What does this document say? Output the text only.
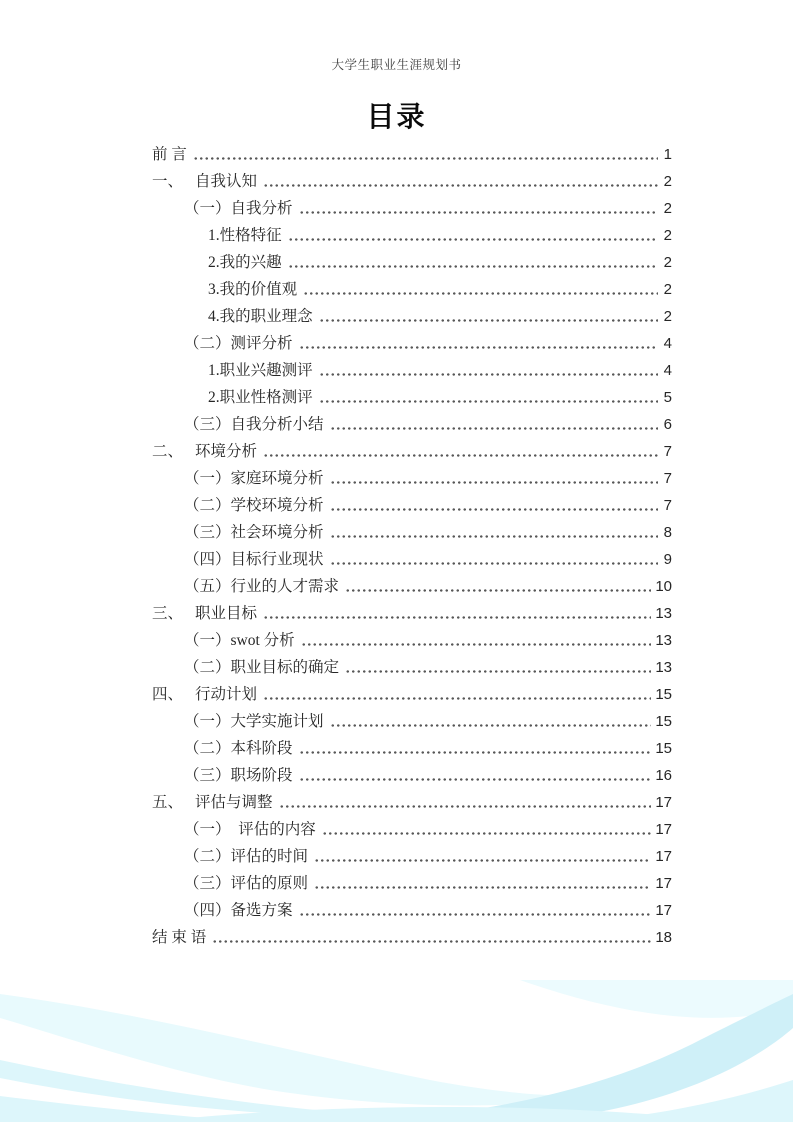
大学生职业生涯规划书
目录
前 言	1
一、 自我认知	2
（一）自我分析	2
1.性格特征	2
2.我的兴趣	2
3.我的价值观	2
4.我的职业理念	2
（二）测评分析	4
1.职业兴趣测评	4
2.职业性格测评	5
（三）自我分析小结	6
二、 环境分析	7
（一）家庭环境分析	7
（二）学校环境分析	7
（三）社会环境分析	8
（四）目标行业现状	9
（五）行业的人才需求	10
三、 职业目标	13
（一）swot 分析	13
（二）职业目标的确定	13
四、 行动计划	15
（一）大学实施计划	15
（二）本科阶段	15
（三）职场阶段	16
五、 评估与调整	17
（一）　评估的内容	17
（二）评估的时间	17
（三）评估的原则	17
（四）备选方案	17
结 束 语	18
